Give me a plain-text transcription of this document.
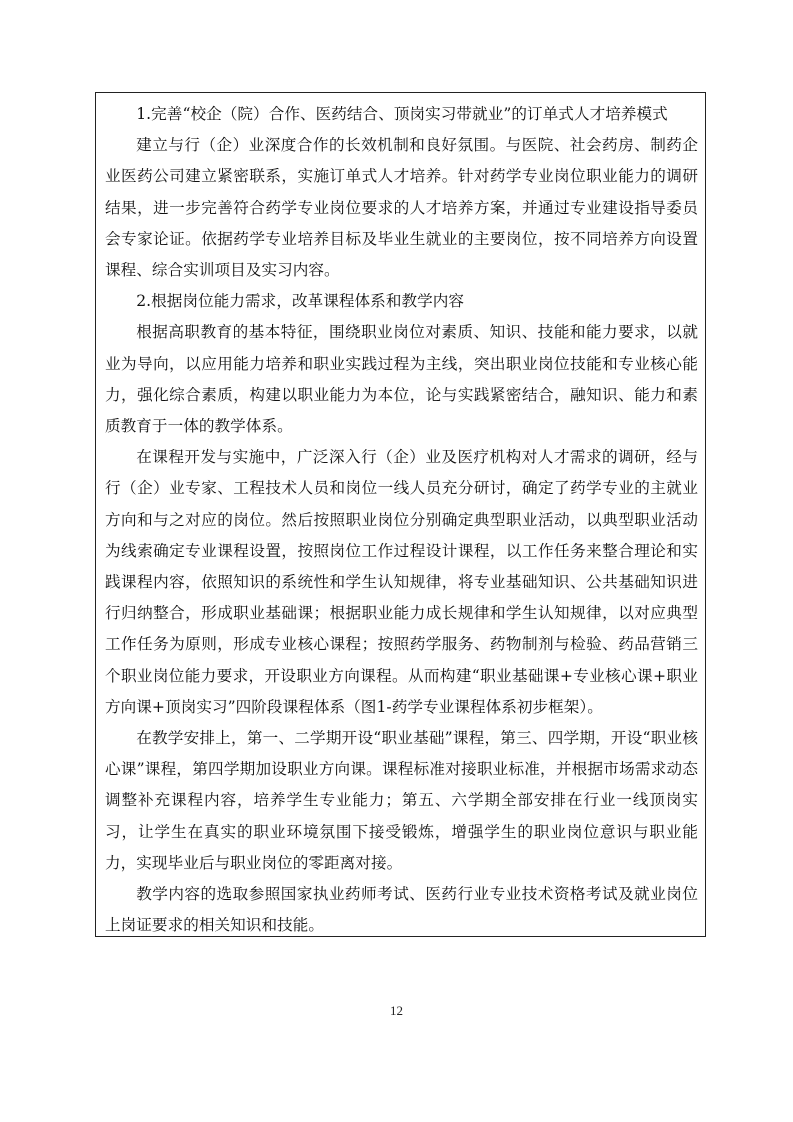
1.完善“校企（院）合作、医药结合、顶岗实习带就业”的订单式人才培养模式

建立与行（企）业深度合作的长效机制和良好氛围。与医院、社会药房、制药企业医药公司建立紧密联系，实施订单式人才培养。针对药学专业岗位职业能力的调研结果，进一步完善符合药学专业岗位要求的人才培养方案，并通过专业建设指导委员会专家论证。依据药学专业培养目标及毕业生就业的主要岗位，按不同培养方向设置课程、综合实训项目及实习内容。

2.根据岗位能力需求，改革课程体系和教学内容

根据高职教育的基本特征，围绕职业岗位对素质、知识、技能和能力要求，以就业为导向，以应用能力培养和职业实践过程为主线，突出职业岗位技能和专业核心能力，强化综合素质，构建以职业能力为本位，论与实践紧密结合，融知识、能力和素质教育于一体的教学体系。

在课程开发与实施中，广泛深入行（企）业及医疗机构对人才需求的调研，经与行（企）业专家、工程技术人员和岗位一线人员充分研讨，确定了药学专业的主就业方向和与之对应的岗位。然后按照职业岗位分别确定典型职业活动，以典型职业活动为线索确定专业课程设置，按照岗位工作过程设计课程，以工作任务来整合理论和实践课程内容，依照知识的系统性和学生认知规律，将专业基础知识、公共基础知识进行归纳整合，形成职业基础课；根据职业能力成长规律和学生认知规律，以对应典型工作任务为原则，形成专业核心课程；按照药学服务、药物制剂与检验、药品营销三个职业岗位能力要求，开设职业方向课程。从而构建“职业基础课+专业核心课+职业方向课+顶岗实习”四阶段课程体系（图1-药学专业课程体系初步框架）。

在教学安排上，第一、二学期开设“职业基础”课程，第三、四学期，开设“职业核心课”课程，第四学期加设职业方向课。课程标准对接职业标准，并根据市场需求动态调整补充课程内容，培养学生专业能力；第五、六学期全部安排在行业一线顶岗实习，让学生在真实的职业环境氛围下接受锻炼，增强学生的职业岗位意识与职业能力，实现毕业后与职业岗位的零距离对接。

教学内容的选取参照国家执业药师考试、医药行业专业技术资格考试及就业岗位上岗证要求的相关知识和技能。

12
